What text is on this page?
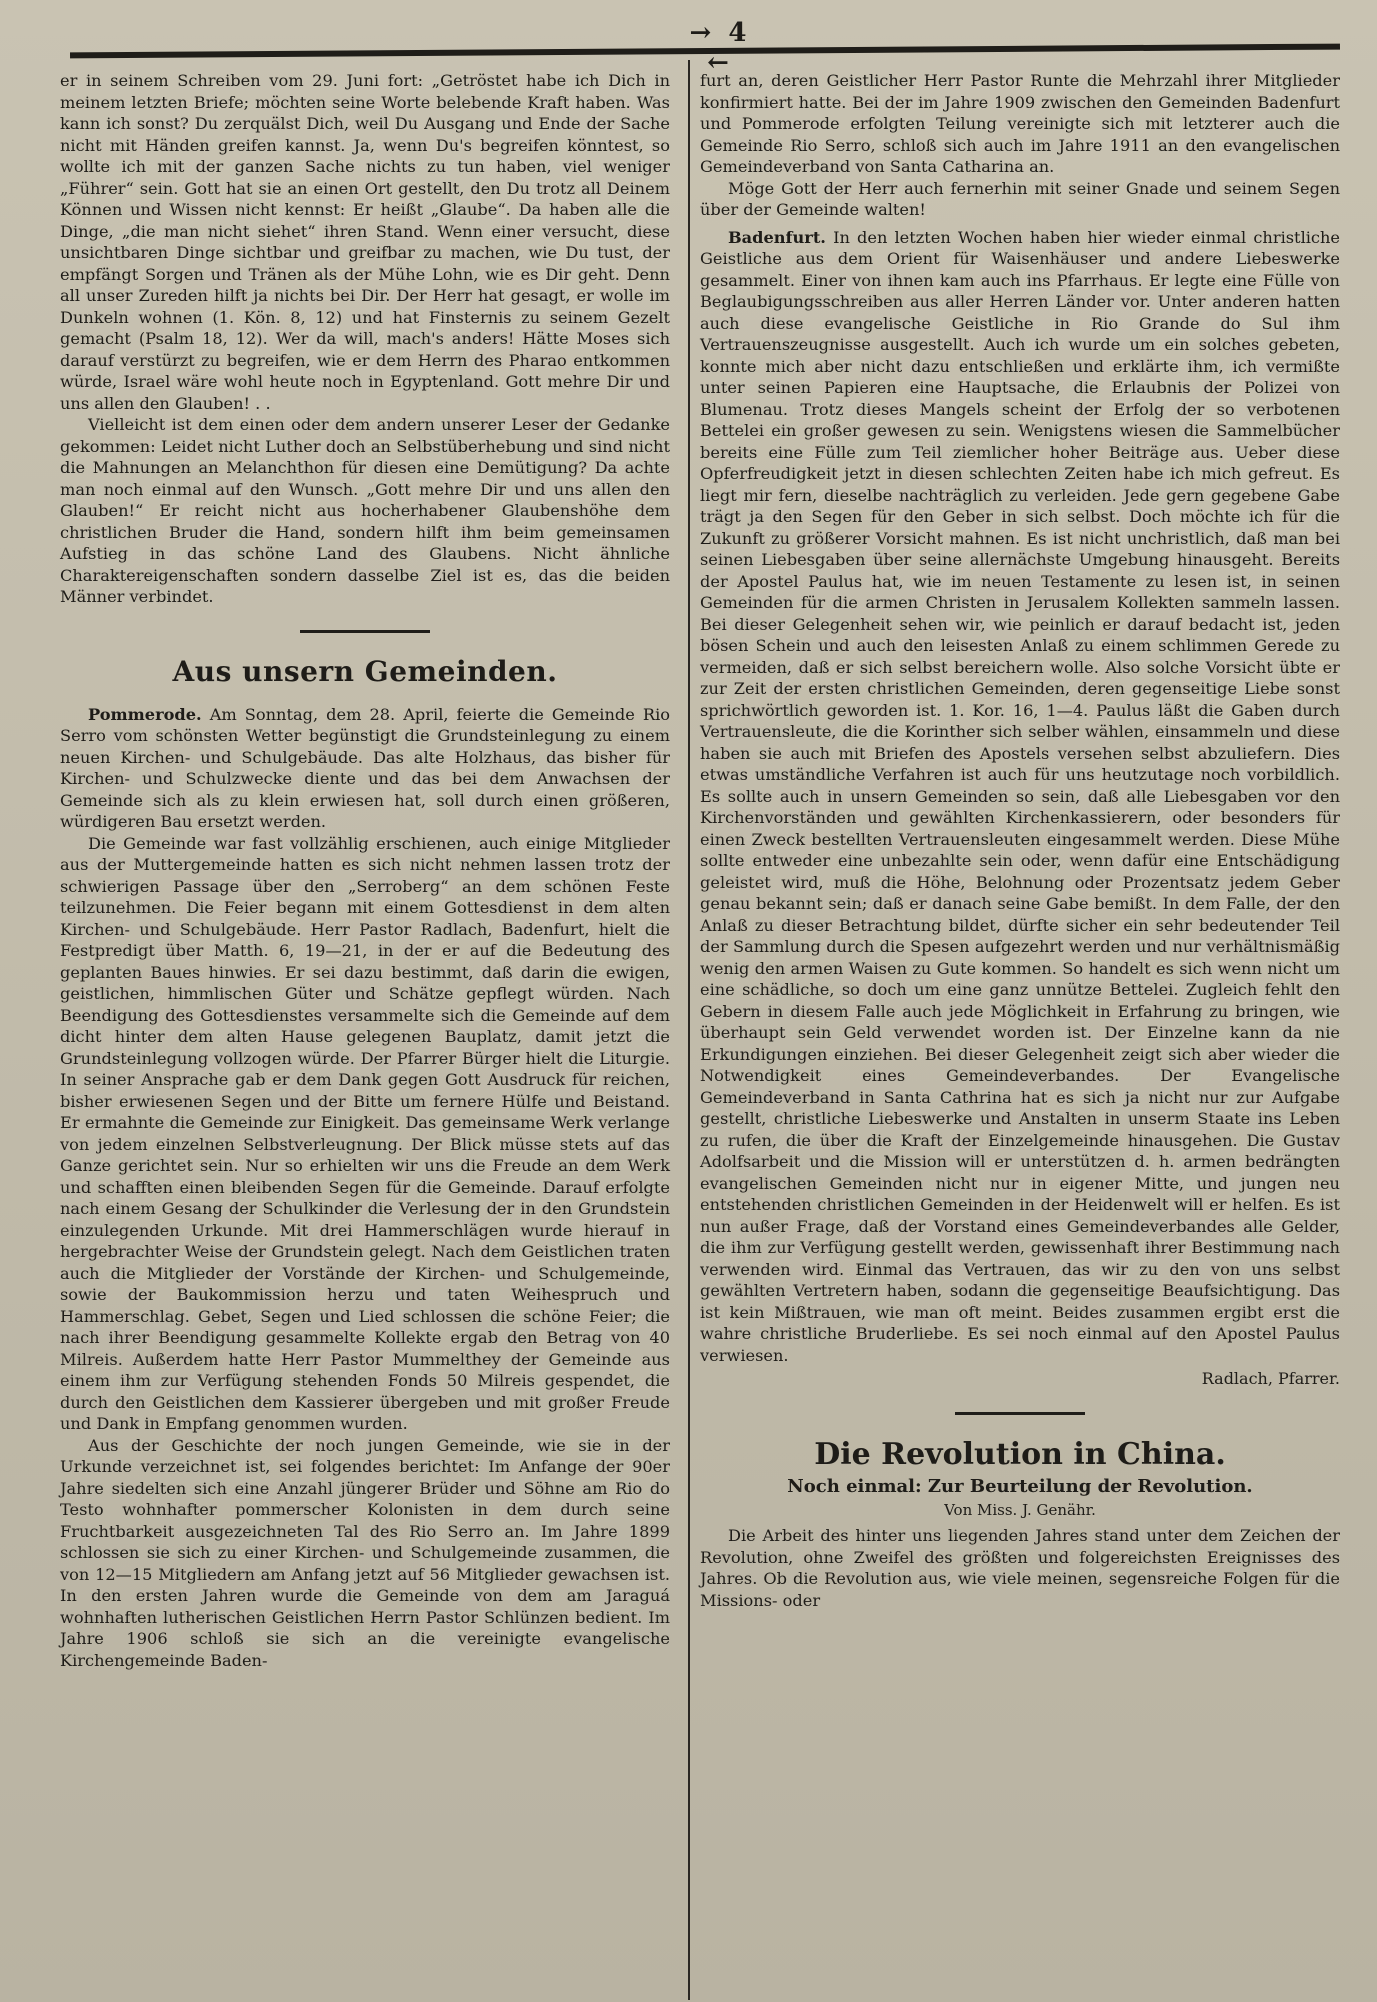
→ 4 ←

er in seinem Schreiben vom 29. Juni fort: „Getröstet habe ich Dich in meinem letzten Briefe; möchten seine Worte belebende Kraft haben. Was kann ich sonst? Du zerquälst Dich, weil Du Ausgang und Ende der Sache nicht mit Händen greifen kannst. Ja, wenn Du's begreifen könntest, so wollte ich mit der ganzen Sache nichts zu tun haben, viel weniger „Führer“ sein. Gott hat sie an einen Ort gestellt, den Du trotz all Deinem Können und Wissen nicht kennst: Er heißt „Glaube“. Da haben alle die Dinge, „die man nicht siehet“ ihren Stand. Wenn einer versucht, diese unsichtbaren Dinge sichtbar und greifbar zu machen, wie Du tust, der empfängt Sorgen und Tränen als der Mühe Lohn, wie es Dir geht. Denn all unser Zureden hilft ja nichts bei Dir. Der Herr hat gesagt, er wolle im Dunkeln wohnen (1. Kön. 8, 12) und hat Finsternis zu seinem Gezelt gemacht (Psalm 18, 12). Wer da will, mach's anders! Hätte Moses sich darauf verstürzt zu begreifen, wie er dem Herrn des Pharao entkommen würde, Israel wäre wohl heute noch in Egyptenland. Gott mehre Dir und uns allen den Glauben! . .

Vielleicht ist dem einen oder dem andern unserer Leser der Gedanke gekommen: Leidet nicht Luther doch an Selbstüberhebung und sind nicht die Mahnungen an Melanchthon für diesen eine Demütigung? Da achte man noch einmal auf den Wunsch. „Gott mehre Dir und uns allen den Glauben!“ Er reicht nicht aus hocherhabener Glaubenshöhe dem christlichen Bruder die Hand, sondern hilft ihm beim gemeinsamen Aufstieg in das schöne Land des Glaubens. Nicht ähnliche Charaktereigenschaften sondern dasselbe Ziel ist es, das die beiden Männer verbindet.

Aus unsern Gemeinden.

Pommerode. Am Sonntag, dem 28. April, feierte die Gemeinde Rio Serro vom schönsten Wetter begünstigt die Grundsteinlegung zu einem neuen Kirchen- und Schulgebäude. Das alte Holzhaus, das bisher für Kirchen- und Schulzwecke diente und das bei dem Anwachsen der Gemeinde sich als zu klein erwiesen hat, soll durch einen größeren, würdigeren Bau ersetzt werden.

Die Gemeinde war fast vollzählig erschienen, auch einige Mitglieder aus der Muttergemeinde hatten es sich nicht nehmen lassen trotz der schwierigen Passage über den „Serroberg“ an dem schönen Feste teilzunehmen. Die Feier begann mit einem Gottesdienst in dem alten Kirchen- und Schulgebäude. Herr Pastor Radlach, Badenfurt, hielt die Festpredigt über Matth. 6, 19—21, in der er auf die Bedeutung des geplanten Baues hinwies. Er sei dazu bestimmt, daß darin die ewigen, geistlichen, himmlischen Güter und Schätze gepflegt würden. Nach Beendigung des Gottesdienstes versammelte sich die Gemeinde auf dem dicht hinter dem alten Hause gelegenen Bauplatz, damit jetzt die Grundsteinlegung vollzogen würde. Der Pfarrer Bürger hielt die Liturgie. In seiner Ansprache gab er dem Dank gegen Gott Ausdruck für reichen, bisher erwiesenen Segen und der Bitte um fernere Hülfe und Beistand. Er ermahnte die Gemeinde zur Einigkeit. Das gemeinsame Werk verlange von jedem einzelnen Selbstverleugnung. Der Blick müsse stets auf das Ganze gerichtet sein. Nur so erhielten wir uns die Freude an dem Werk und schafften einen bleibenden Segen für die Gemeinde. Darauf erfolgte nach einem Gesang der Schulkinder die Verlesung der in den Grundstein einzulegenden Urkunde. Mit drei Hammerschlägen wurde hierauf in hergebrachter Weise der Grundstein gelegt. Nach dem Geistlichen traten auch die Mitglieder der Vorstände der Kirchen- und Schulgemeinde, sowie der Baukommission herzu und taten Weihespruch und Hammerschlag. Gebet, Segen und Lied schlossen die schöne Feier; die nach ihrer Beendigung gesammelte Kollekte ergab den Betrag von 40 Milreis. Außerdem hatte Herr Pastor Mummelthey der Gemeinde aus einem ihm zur Verfügung stehenden Fonds 50 Milreis gespendet, die durch den Geistlichen dem Kassierer übergeben und mit großer Freude und Dank in Empfang genommen wurden.

Aus der Geschichte der noch jungen Gemeinde, wie sie in der Urkunde verzeichnet ist, sei folgendes berichtet: Im Anfange der 90er Jahre siedelten sich eine Anzahl jüngerer Brüder und Söhne am Rio do Testo wohnhafter pommerscher Kolonisten in dem durch seine Fruchtbarkeit ausgezeichneten Tal des Rio Serro an. Im Jahre 1899 schlossen sie sich zu einer Kirchen- und Schulgemeinde zusammen, die von 12—15 Mitgliedern am Anfang jetzt auf 56 Mitglieder gewachsen ist. In den ersten Jahren wurde die Gemeinde von dem am Jaraguá wohnhaften lutherischen Geistlichen Herrn Pastor Schlünzen bedient. Im Jahre 1906 schloß sie sich an die vereinigte evangelische Kirchengemeinde Baden-

furt an, deren Geistlicher Herr Pastor Runte die Mehrzahl ihrer Mitglieder konfirmiert hatte. Bei der im Jahre 1909 zwischen den Gemeinden Badenfurt und Pommerode erfolgten Teilung vereinigte sich mit letzterer auch die Gemeinde Rio Serro, schloß sich auch im Jahre 1911 an den evangelischen Gemeindeverband von Santa Catharina an.

Möge Gott der Herr auch fernerhin mit seiner Gnade und seinem Segen über der Gemeinde walten!

Badenfurt. In den letzten Wochen haben hier wieder einmal christliche Geistliche aus dem Orient für Waisenhäuser und andere Liebeswerke gesammelt. Einer von ihnen kam auch ins Pfarrhaus. Er legte eine Fülle von Beglaubigungsschreiben aus aller Herren Länder vor. Unter anderen hatten auch diese evangelische Geistliche in Rio Grande do Sul ihm Vertrauenszeugnisse ausgestellt. Auch ich wurde um ein solches gebeten, konnte mich aber nicht dazu entschließen und erklärte ihm, ich vermißte unter seinen Papieren eine Hauptsache, die Erlaubnis der Polizei von Blumenau. Trotz dieses Mangels scheint der Erfolg der so verbotenen Bettelei ein großer gewesen zu sein. Wenigstens wiesen die Sammelbücher bereits eine Fülle zum Teil ziemlicher hoher Beiträge aus. Ueber diese Opferfreudigkeit jetzt in diesen schlechten Zeiten habe ich mich gefreut. Es liegt mir fern, dieselbe nachträglich zu verleiden. Jede gern gegebene Gabe trägt ja den Segen für den Geber in sich selbst. Doch möchte ich für die Zukunft zu größerer Vorsicht mahnen. Es ist nicht unchristlich, daß man bei seinen Liebesgaben über seine allernächste Umgebung hinausgeht. Bereits der Apostel Paulus hat, wie im neuen Testamente zu lesen ist, in seinen Gemeinden für die armen Christen in Jerusalem Kollekten sammeln lassen. Bei dieser Gelegenheit sehen wir, wie peinlich er darauf bedacht ist, jeden bösen Schein und auch den leisesten Anlaß zu einem schlimmen Gerede zu vermeiden, daß er sich selbst bereichern wolle. Also solche Vorsicht übte er zur Zeit der ersten christlichen Gemeinden, deren gegenseitige Liebe sonst sprichwörtlich geworden ist. 1. Kor. 16, 1—4. Paulus läßt die Gaben durch Vertrauensleute, die die Korinther sich selber wählen, einsammeln und diese haben sie auch mit Briefen des Apostels versehen selbst abzuliefern. Dies etwas umständliche Verfahren ist auch für uns heutzutage noch vorbildlich. Es sollte auch in unsern Gemeinden so sein, daß alle Liebesgaben vor den Kirchenvorständen und gewählten Kirchenkassierern, oder besonders für einen Zweck bestellten Vertrauensleuten eingesammelt werden. Diese Mühe sollte entweder eine unbezahlte sein oder, wenn dafür eine Entschädigung geleistet wird, muß die Höhe, Belohnung oder Prozentsatz jedem Geber genau bekannt sein; daß er danach seine Gabe bemißt. In dem Falle, der den Anlaß zu dieser Betrachtung bildet, dürfte sicher ein sehr bedeutender Teil der Sammlung durch die Spesen aufgezehrt werden und nur verhältnismäßig wenig den armen Waisen zu Gute kommen. So handelt es sich wenn nicht um eine schädliche, so doch um eine ganz unnütze Bettelei. Zugleich fehlt den Gebern in diesem Falle auch jede Möglichkeit in Erfahrung zu bringen, wie überhaupt sein Geld verwendet worden ist. Der Einzelne kann da nie Erkundigungen einziehen. Bei dieser Gelegenheit zeigt sich aber wieder die Notwendigkeit eines Gemeindeverbandes. Der Evangelische Gemeindeverband in Santa Cathrina hat es sich ja nicht nur zur Aufgabe gestellt, christliche Liebeswerke und Anstalten in unserm Staate ins Leben zu rufen, die über die Kraft der Einzelgemeinde hinausgehen. Die Gustav Adolfsarbeit und die Mission will er unterstützen d. h. armen bedrängten evangelischen Gemeinden nicht nur in eigener Mitte, und jungen neu entstehenden christlichen Gemeinden in der Heidenwelt will er helfen. Es ist nun außer Frage, daß der Vorstand eines Gemeindeverbandes alle Gelder, die ihm zur Verfügung gestellt werden, gewissenhaft ihrer Bestimmung nach verwenden wird. Einmal das Vertrauen, das wir zu den von uns selbst gewählten Vertretern haben, sodann die gegenseitige Beaufsichtigung. Das ist kein Mißtrauen, wie man oft meint. Beides zusammen ergibt erst die wahre christliche Bruderliebe. Es sei noch einmal auf den Apostel Paulus verwiesen.

Radlach, Pfarrer.
Die Revolution in China.
Noch einmal: Zur Beurteilung der Revolution.
Von Miss. J. Genähr.

Die Arbeit des hinter uns liegenden Jahres stand unter dem Zeichen der Revolution, ohne Zweifel des größten und folgereichsten Ereignisses des Jahres. Ob die Revolution aus, wie viele meinen, segensreiche Folgen für die Missions- oder
